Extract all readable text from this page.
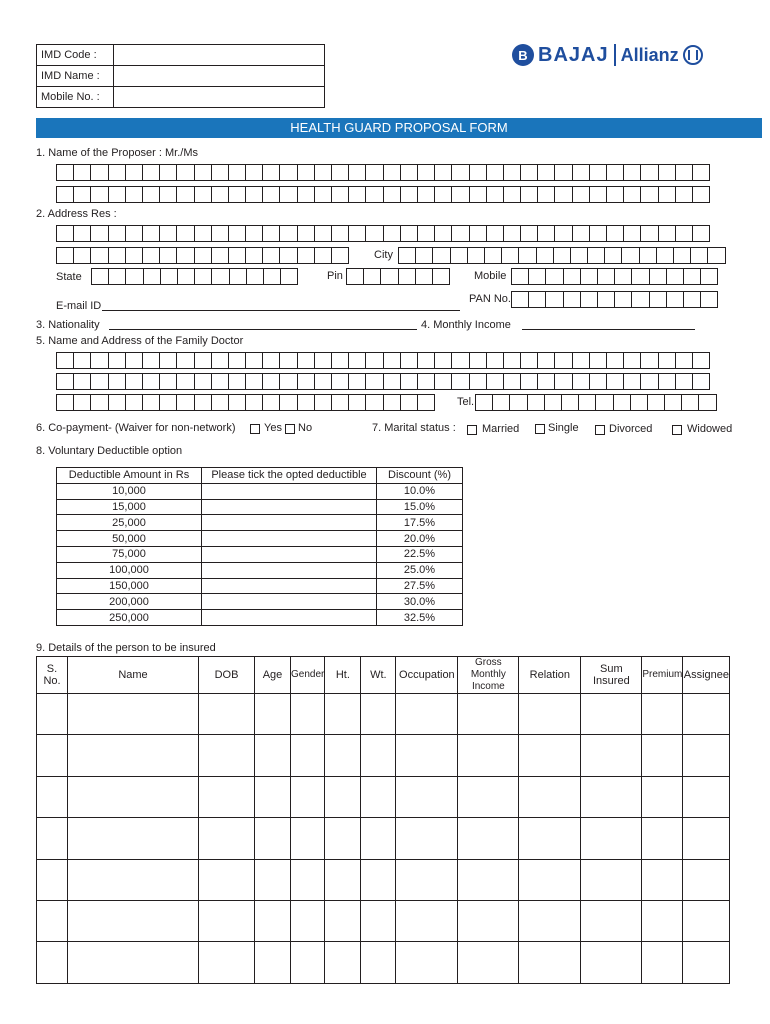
IMD Code :
IMD Name :
Mobile No. :
B BAJAJ Allianz
HEALTH GUARD PROPOSAL FORM
1. Name of the Proposer : Mr./Ms
2. Address Res :
City
State	Pin	Mobile
PAN No.
E-mail ID
3. Nationality	4. Monthly Income
5. Name and Address of the Family Doctor
Tel.
6. Co-payment- (Waiver for non-network)	Yes No	7. Marital status : Married	Single	Divorced	Widowed
8. Voluntary Deductible option
Deductible Amount in Rs	Please tick the opted deductible	Discount (%)
10,000		10.0%
15,000		15.0%
25,000		17.5%
50,000		20.0%
75,000		22.5%
100,000		25.0%
150,000		27.5%
200,000		30.0%
250,000		32.5%
9. Details of the person to be insured
S. No.	Name	DOB	Age	Gender	Ht.	Wt.	Occupation	Gross Monthly Income	Relation	Sum Insured	Premium	Assignee
